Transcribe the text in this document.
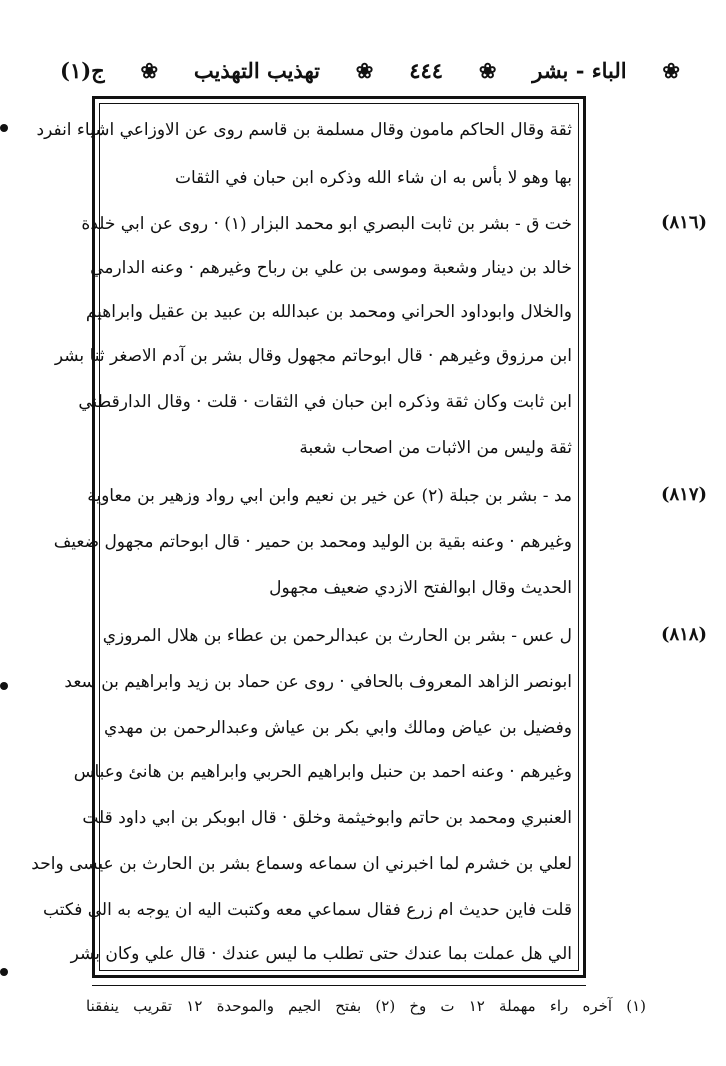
ج(١) ❀ تهذيب التهذيب ❀ ٤٤٤ ❀ الباء - بشر ❀
ثقة وقال الحاكم مامون وقال مسلمة بن قاسم روى عن الاوزاعي اشياء انفرد
بها وهو لا بأس به ان شاء الله وذكره ابن حبان في الثقات
خت ق - بشر بن ثابت البصري ابو محمد البزار (١) · روى عن ابي خلدة
خالد بن دينار وشعبة وموسى بن علي بن رباح وغيرهم · وعنه الدارمي
والخلال وابوداود الحراني ومحمد بن عبدالله بن عبيد بن عقيل وابراهيم
ابن مرزوق وغيرهم · قال ابوحاتم مجهول وقال بشر بن آدم الاصغر ثنا بشر
ابن ثابت وكان ثقة وذكره ابن حبان في الثقات · قلت · وقال الدارقطني
ثقة وليس من الاثبات من اصحاب شعبة
مد - بشر بن جبلة (٢) عن خير بن نعيم وابن ابي رواد وزهير بن معاوية
وغيرهم · وعنه بقية بن الوليد ومحمد بن حمير · قال ابوحاتم مجهول ضعيف
الحديث وقال ابوالفتح الازدي ضعيف مجهول
ل عس - بشر بن الحارث بن عبدالرحمن بن عطاء بن هلال المروزي
ابونصر الزاهد المعروف بالحافي · روى عن حماد بن زيد وابراهيم بن سعد
وفضيل بن عياض ومالك وابي بكر بن عياش وعبدالرحمن بن مهدي
وغيرهم · وعنه احمد بن حنبل وابراهيم الحربي وابراهيم بن هانئ وعباس
العنبري ومحمد بن حاتم وابوخيثمة وخلق · قال ابوبكر بن ابي داود قلت
لعلي بن خشرم لما اخبرني ان سماعه وسماع بشر بن الحارث بن عيسى واحد
قلت فاين حديث ام زرع فقال سماعي معه وكتبت اليه ان يوجه به الي فكتب
الي هل عملت بما عندك حتى تطلب ما ليس عندك · قال علي وكان بشر
(٨١٦)
(٨١٧)
(٨١٨)
(١) آخره راء مهملة ١٢ ت وخ (٢) بفتح الجيم والموحدة ١٢ تقريب ينفقنا
